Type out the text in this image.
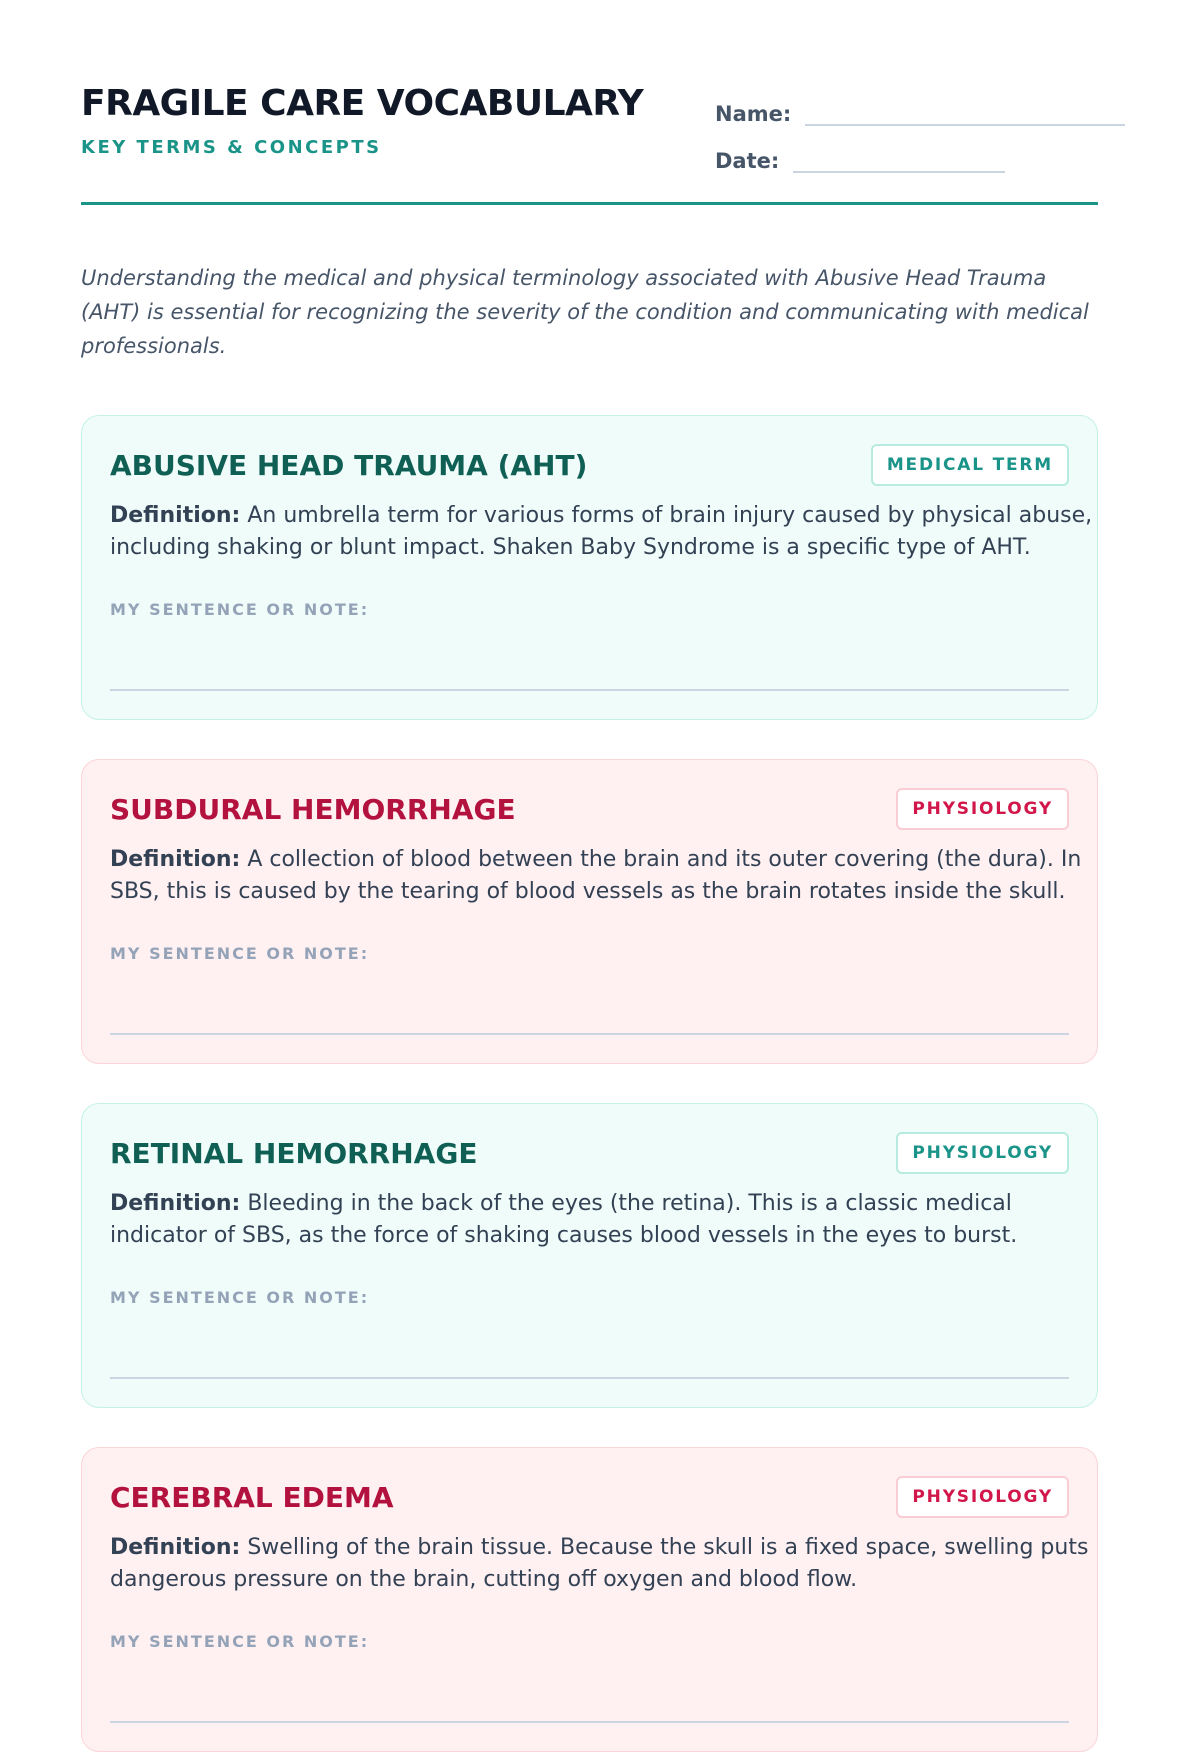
FRAGILE CARE VOCABULARY
KEY TERMS & CONCEPTS
Name:
Date:

Understanding the medical and physical terminology associated with Abusive Head Trauma (AHT) is essential for recognizing the severity of the condition and communicating with medical professionals.

ABUSIVE HEAD TRAUMA (AHT)	MEDICAL TERM
Definition: An umbrella term for various forms of brain injury caused by physical abuse, including shaking or blunt impact. Shaken Baby Syndrome is a specific type of AHT.
MY SENTENCE OR NOTE:
SUBDURAL HEMORRHAGE	PHYSIOLOGY
Definition: A collection of blood between the brain and its outer covering (the dura). In SBS, this is caused by the tearing of blood vessels as the brain rotates inside the skull.
MY SENTENCE OR NOTE:
RETINAL HEMORRHAGE	PHYSIOLOGY
Definition: Bleeding in the back of the eyes (the retina). This is a classic medical indicator of SBS, as the force of shaking causes blood vessels in the eyes to burst.
MY SENTENCE OR NOTE:
CEREBRAL EDEMA	PHYSIOLOGY
Definition: Swelling of the brain tissue. Because the skull is a fixed space, swelling puts dangerous pressure on the brain, cutting off oxygen and blood flow.
MY SENTENCE OR NOTE:
